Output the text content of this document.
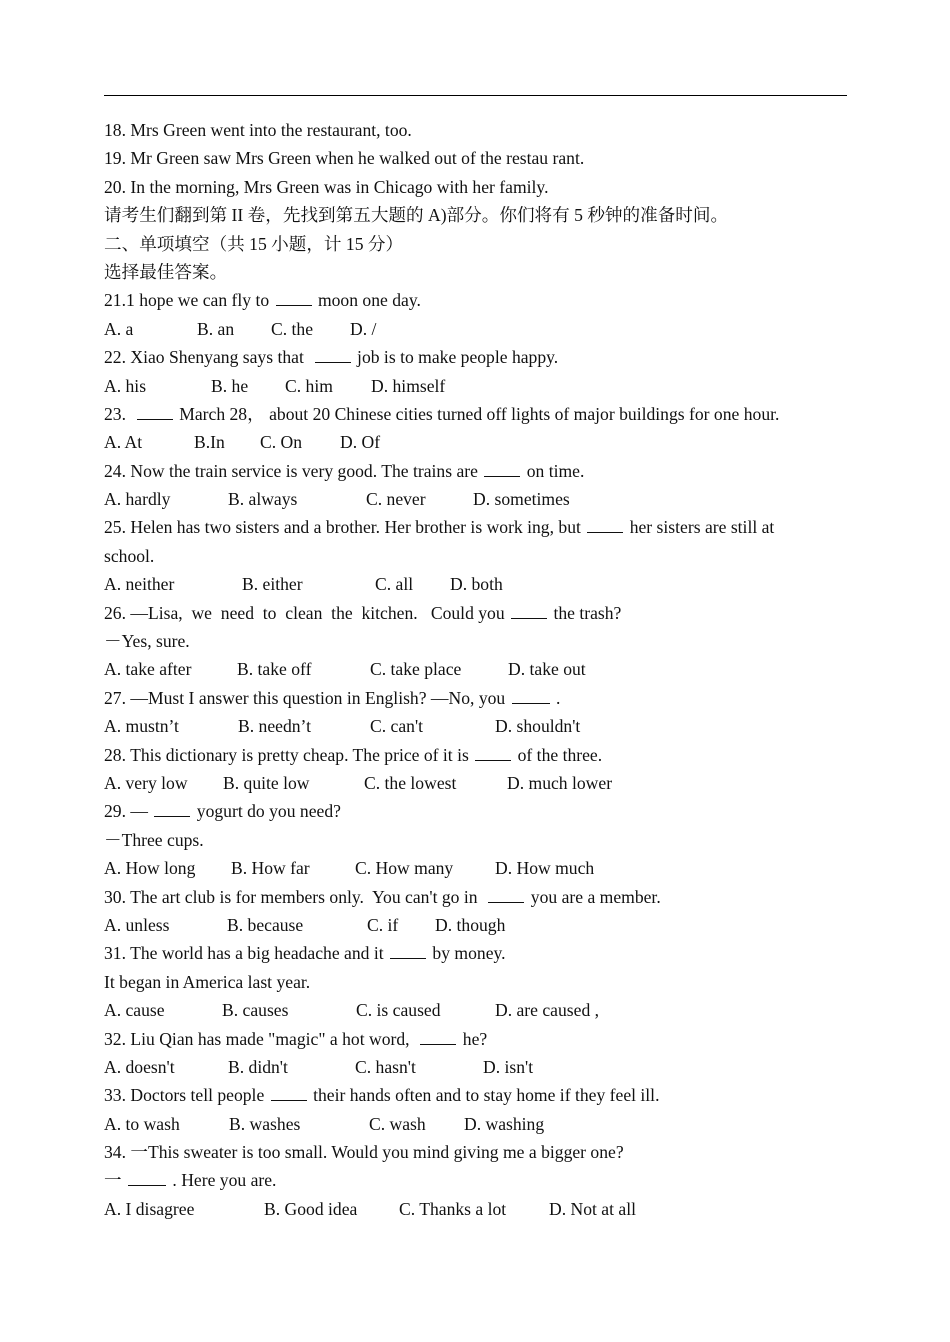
18. Mrs Green went into the restaurant, too.
19. Mr Green saw Mrs Green when he walked out of the restau rant.
20. In the morning, Mrs Green was in Chicago with her family.
请考生们翻到第 II 卷，先找到第五大题的 A)部分。你们将有 5 秒钟的准备时间。
二、单项填空（共 15 小题，计 15 分）
选择最佳答案。
21.1 hope we can fly to  moon one day.
A. a	B. an	C. the	D. /
22. Xiao Shenyang says that   job is to make people happy.
A. his	B. he	C. him	D. himself
23.   March 28， about 20 Chinese cities turned off lights of major buildings for one hour.
A. At	B.In	C. On	D. Of
24. Now the train service is very good. The trains are  on time.
A. hardly	B. always	C. never	D. sometimes
25. Helen has two sisters and a brother. Her brother is work ing, but  her sisters are still at
school.
A. neither	B. either	C. all	D. both
26. ―Lisa,  we  need  to  clean  the  kitchen.   Could you  the trash?
－Yes, sure.
A. take after	B. take off	C. take place	D. take out
27. ―Must I answer this question in English? ―No, you  .
A. mustn’t	B. needn’t	C. can't	D. shouldn't
28. This dictionary is pretty cheap. The price of it is  of the three.
A. very low	B. quite low	C. the lowest	D. much lower
29. ―  yogurt do you need?
－Three cups.
A. How long	B. How far	C. How many	D. How much
30. The art club is for members only.  You can't go in   you are a member.
A. unless	B. because	C. if	D. though
31. The world has a big headache and it  by money.
It began in America last year.
A. cause	B. causes	C. is caused	D. are caused ,
32. Liu Qian has made "magic" a hot word,   he?
A. doesn't	B. didn't	C. hasn't	D. isn't
33. Doctors tell people  their hands often and to stay home if they feel ill.
A. to wash	B. washes	C. wash	D. washing
34. 一This sweater is too small. Would you mind giving me a bigger one?
一  . Here you are.
A. I disagree	B. Good idea	C. Thanks a lot	D. Not at all
